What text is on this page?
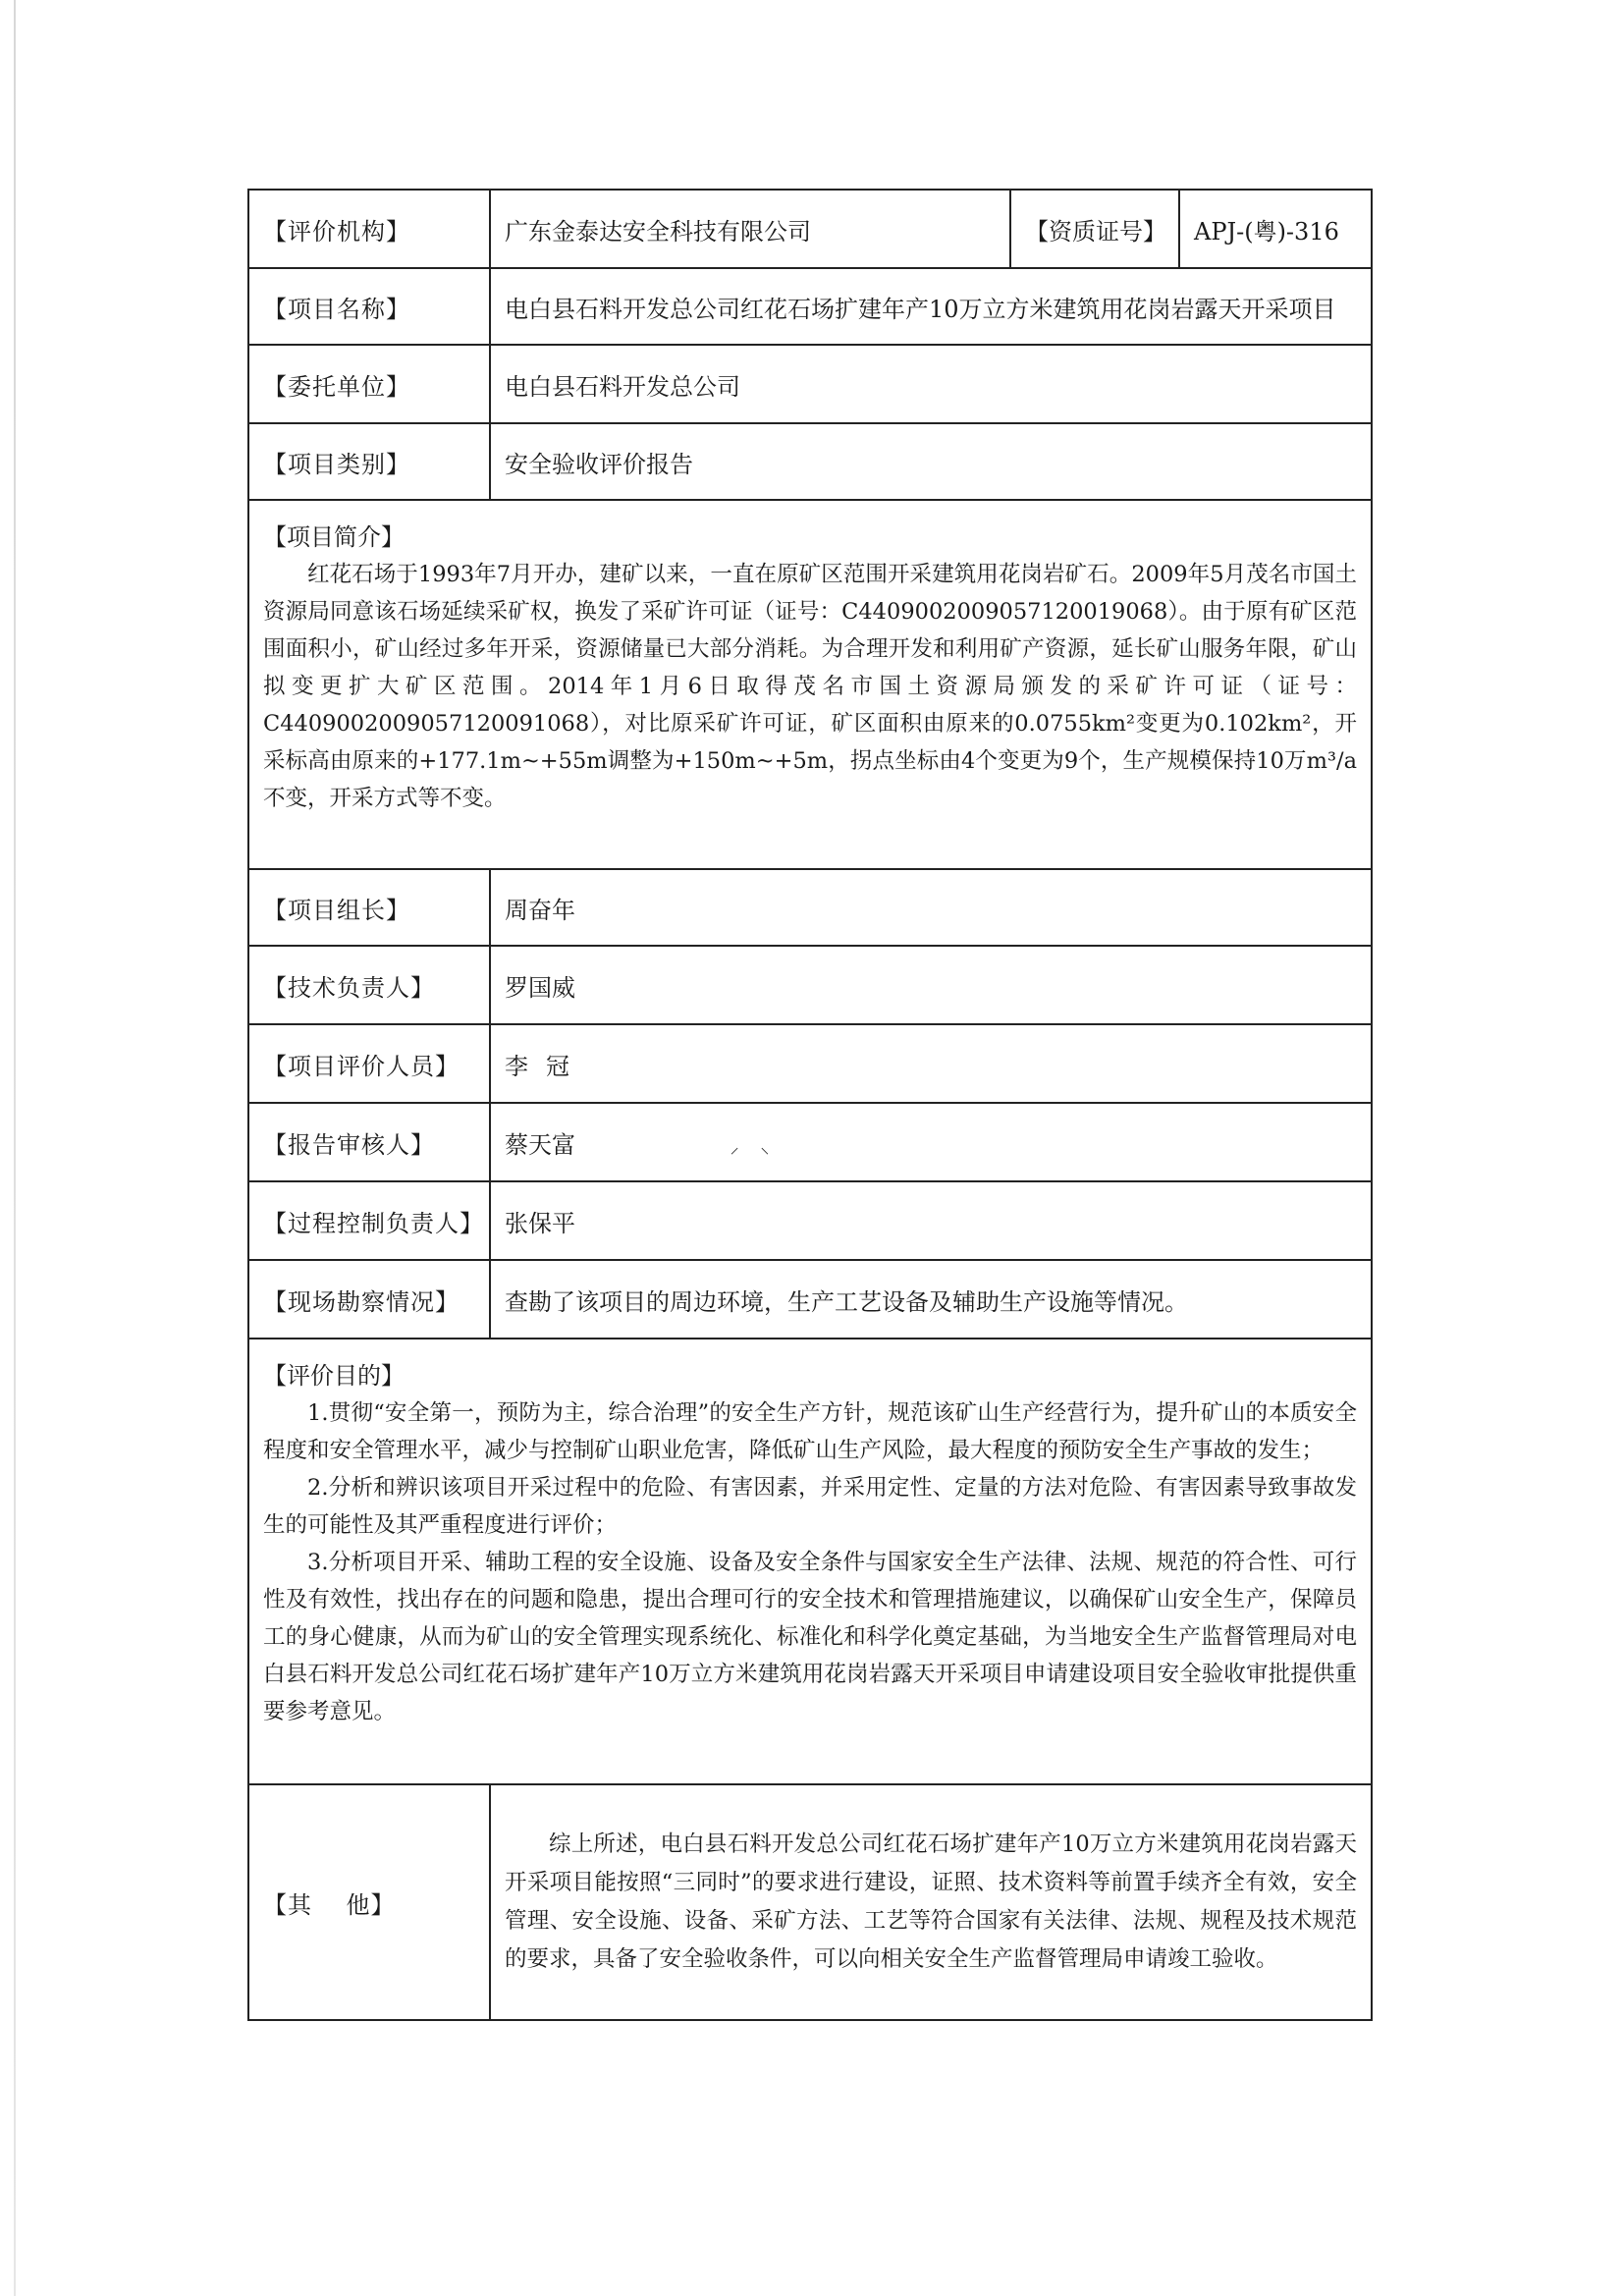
【评价机构】	广东金泰达安全科技有限公司	【资质证号】	APJ-(粤)-316
【项目名称】	电白县石料开发总公司红花石场扩建年产10万立方米建筑用花岗岩露天开采项目		
【委托单位】	电白县石料开发总公司		
【项目类别】	安全验收评价报告		

【项目简介】

红花石场于1993年7月开办，建矿以来，一直在原矿区范围开采建筑用花岗岩矿石。2009年5月茂名市国土资源局同意该石场延续采矿权，换发了采矿许可证（证号：C4409002009057120019068）。由于原有矿区范围面积小，矿山经过多年开采，资源储量已大部分消耗。为合理开发和利用矿产资源，延长矿山服务年限，矿山拟变更扩大矿区范围。2014年1月6日取得茂名市国土资源局颁发的采矿许可证（证号：C4409002009057120091068），对比原采矿许可证，矿区面积由原来的0.0755km²变更为0.102km²，开采标高由原来的+177.1m~+55m调整为+150m~+5m，拐点坐标由4个变更为9个，生产规模保持10万m³/a不变，开采方式等不变。			

【项目组长】	周奋年		
【技术负责人】	罗国威		
【项目评价人员】	李冠		
【报告审核人】	蔡天富 ⸝ ⸜		
【过程控制负责人】	张保平		
【现场勘察情况】	查勘了该项目的周边环境，生产工艺设备及辅助生产设施等情况。		

【评价目的】

1.贯彻“安全第一，预防为主，综合治理”的安全生产方针，规范该矿山生产经营行为，提升矿山的本质安全程度和安全管理水平，减少与控制矿山职业危害，降低矿山生产风险，最大程度的预防安全生产事故的发生；

2.分析和辨识该项目开采过程中的危险、有害因素，并采用定性、定量的方法对危险、有害因素导致事故发生的可能性及其严重程度进行评价；

3.分析项目开采、辅助工程的安全设施、设备及安全条件与国家安全生产法律、法规、规范的符合性、可行性及有效性，找出存在的问题和隐患，提出合理可行的安全技术和管理措施建议，以确保矿山安全生产，保障员工的身心健康，从而为矿山的安全管理实现系统化、标准化和科学化奠定基础，为当地安全生产监督管理局对电白县石料开发总公司红花石场扩建年产10万立方米建筑用花岗岩露天开采项目申请建设项目安全验收审批提供重要参考意见。			

【其    他】	综上所述，电白县石料开发总公司红花石场扩建年产10万立方米建筑用花岗岩露天开采项目能按照“三同时”的要求进行建设，证照、技术资料等前置手续齐全有效，安全管理、安全设施、设备、采矿方法、工艺等符合国家有关法律、法规、规程及技术规范的要求，具备了安全验收条件，可以向相关安全生产监督管理局申请竣工验收。		
